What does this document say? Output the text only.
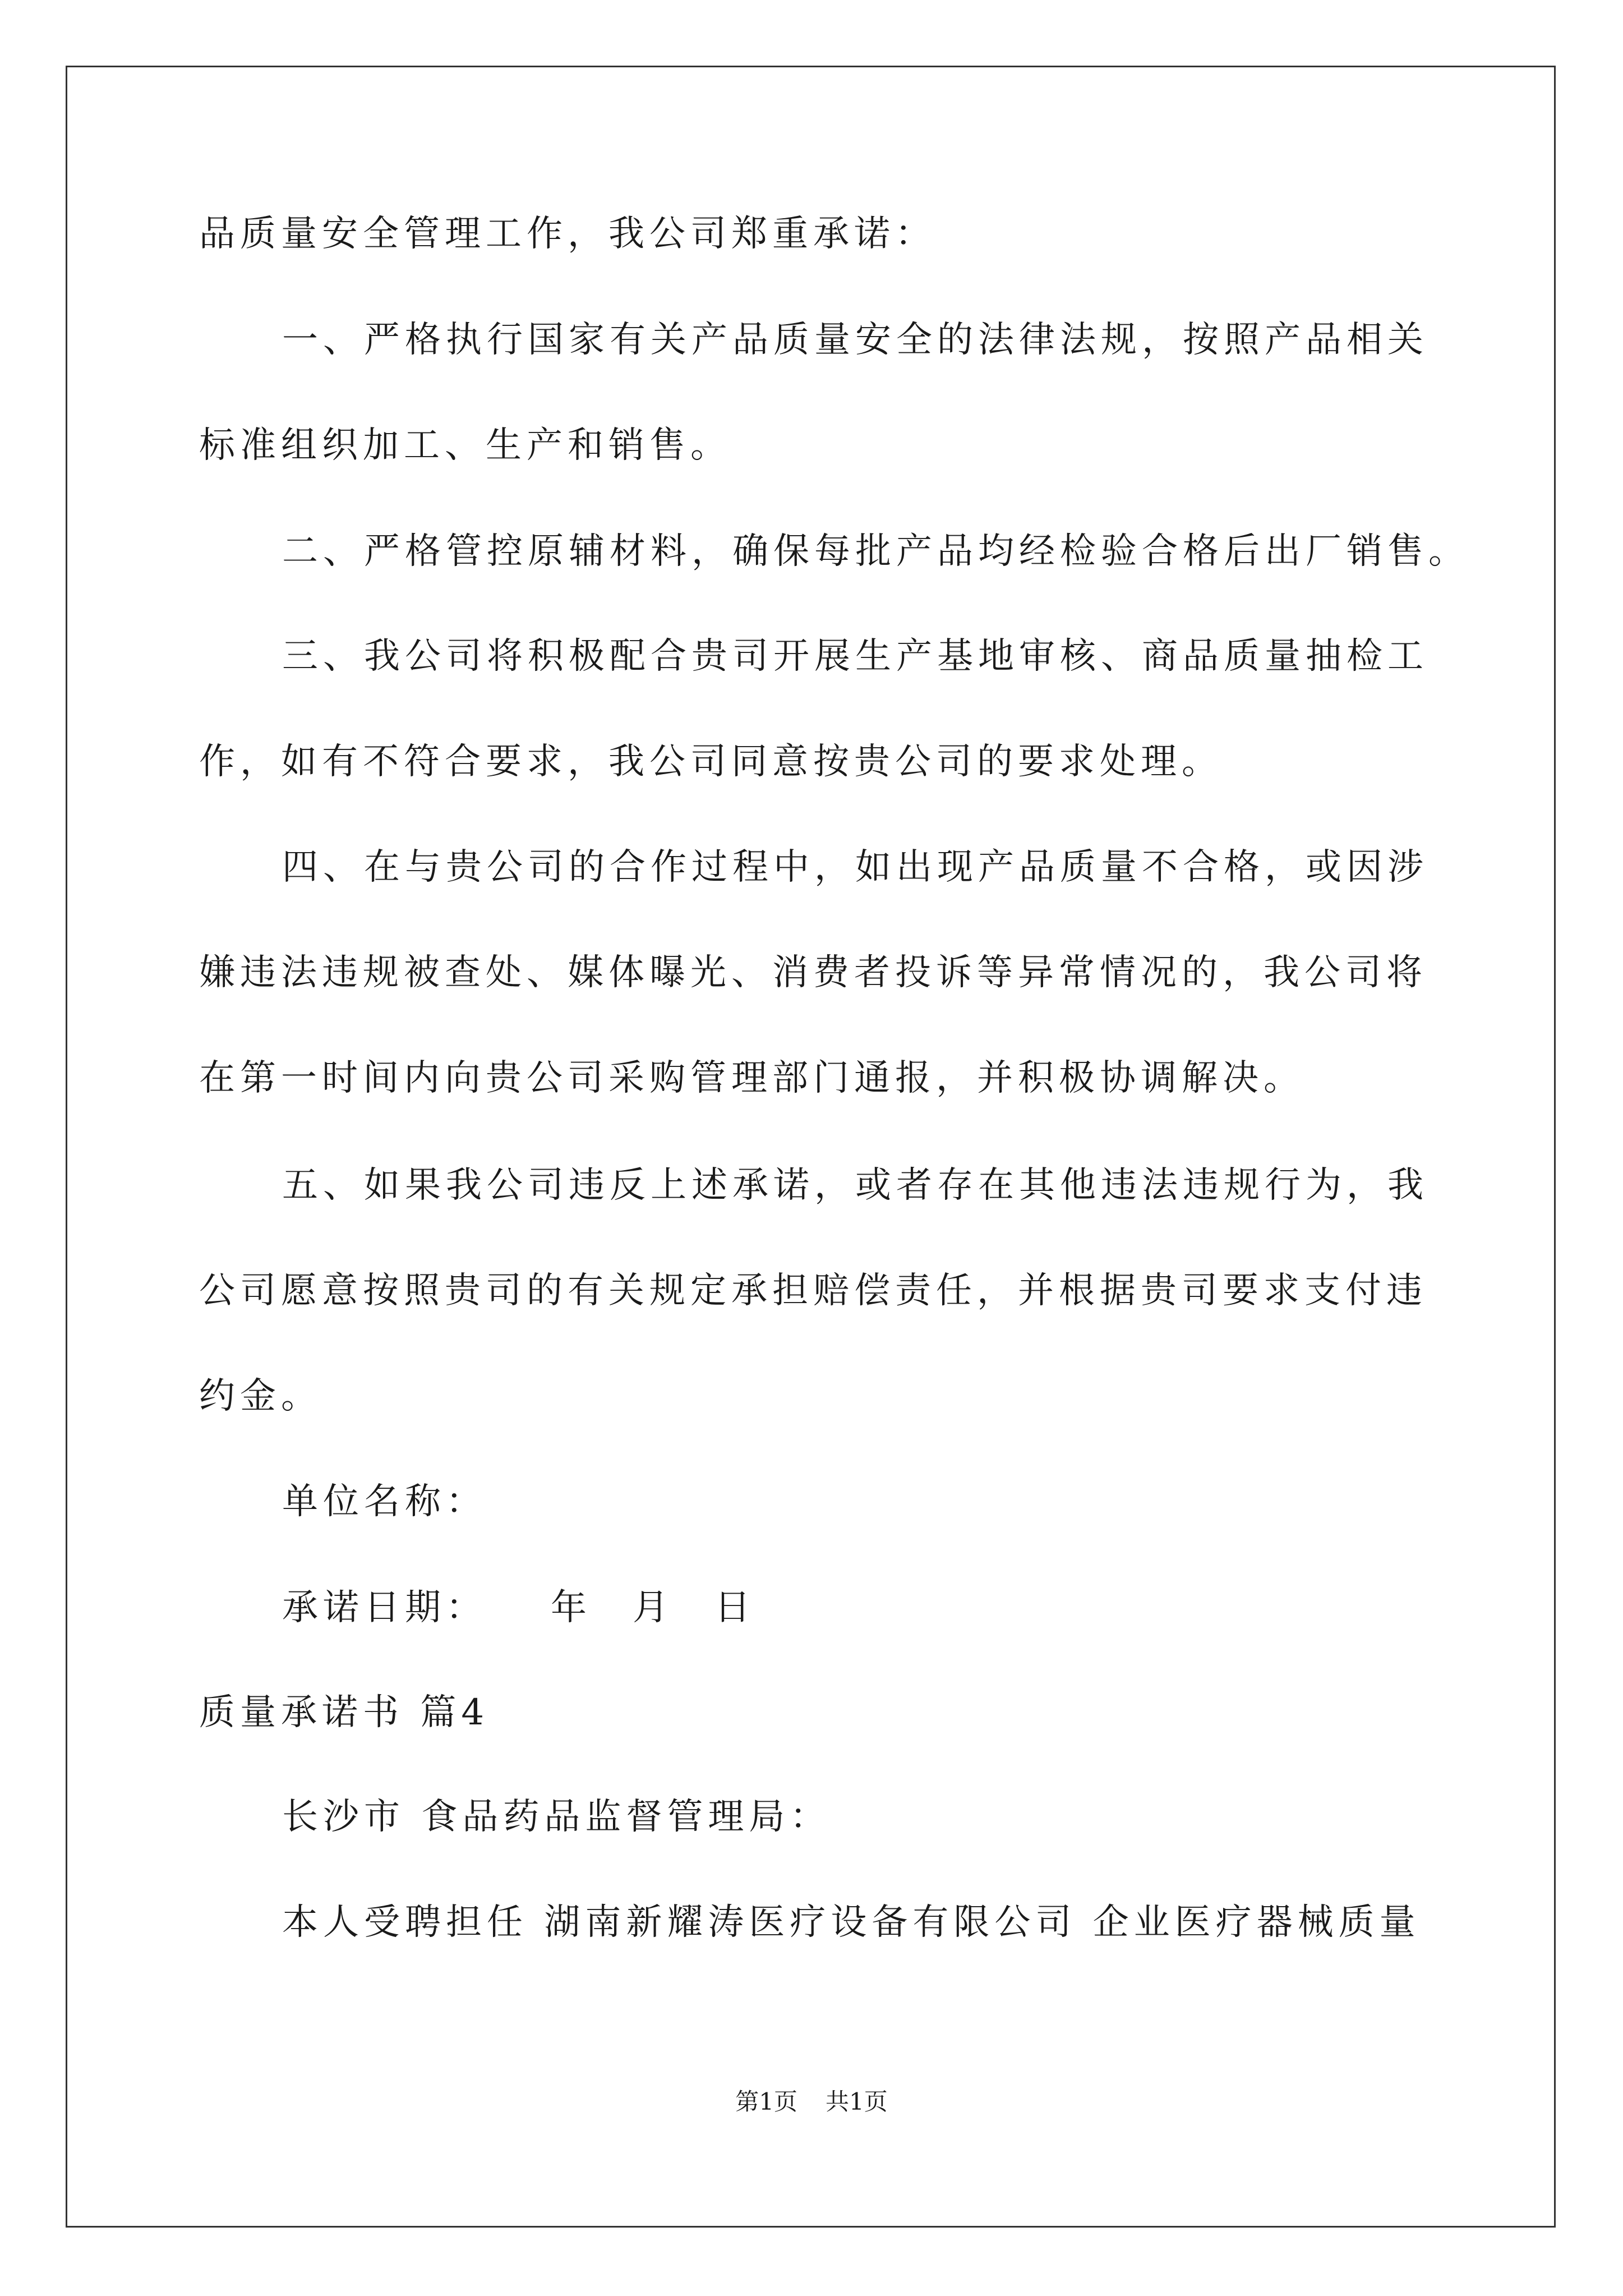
品质量安全管理工作，我公司郑重承诺：
一、严格执行国家有关产品质量安全的法律法规，按照产品相关
标准组织加工、生产和销售。
二、严格管控原辅材料，确保每批产品均经检验合格后出厂销售。
三、我公司将积极配合贵司开展生产基地审核、商品质量抽检工
作，如有不符合要求，我公司同意按贵公司的要求处理。
四、在与贵公司的合作过程中，如出现产品质量不合格，或因涉
嫌违法违规被查处、媒体曝光、消费者投诉等异常情况的，我公司将
在第一时间内向贵公司采购管理部门通报，并积极协调解决。
五、如果我公司违反上述承诺，或者存在其他违法违规行为，我
公司愿意按照贵司的有关规定承担赔偿责任，并根据贵司要求支付违
约金。
单位名称：
承诺日期：　　年　月　日
质量承诺书 篇4
长沙市 食品药品监督管理局：
本人受聘担任 湖南新耀涛医疗设备有限公司 企业医疗器械质量
第1页 共1页
